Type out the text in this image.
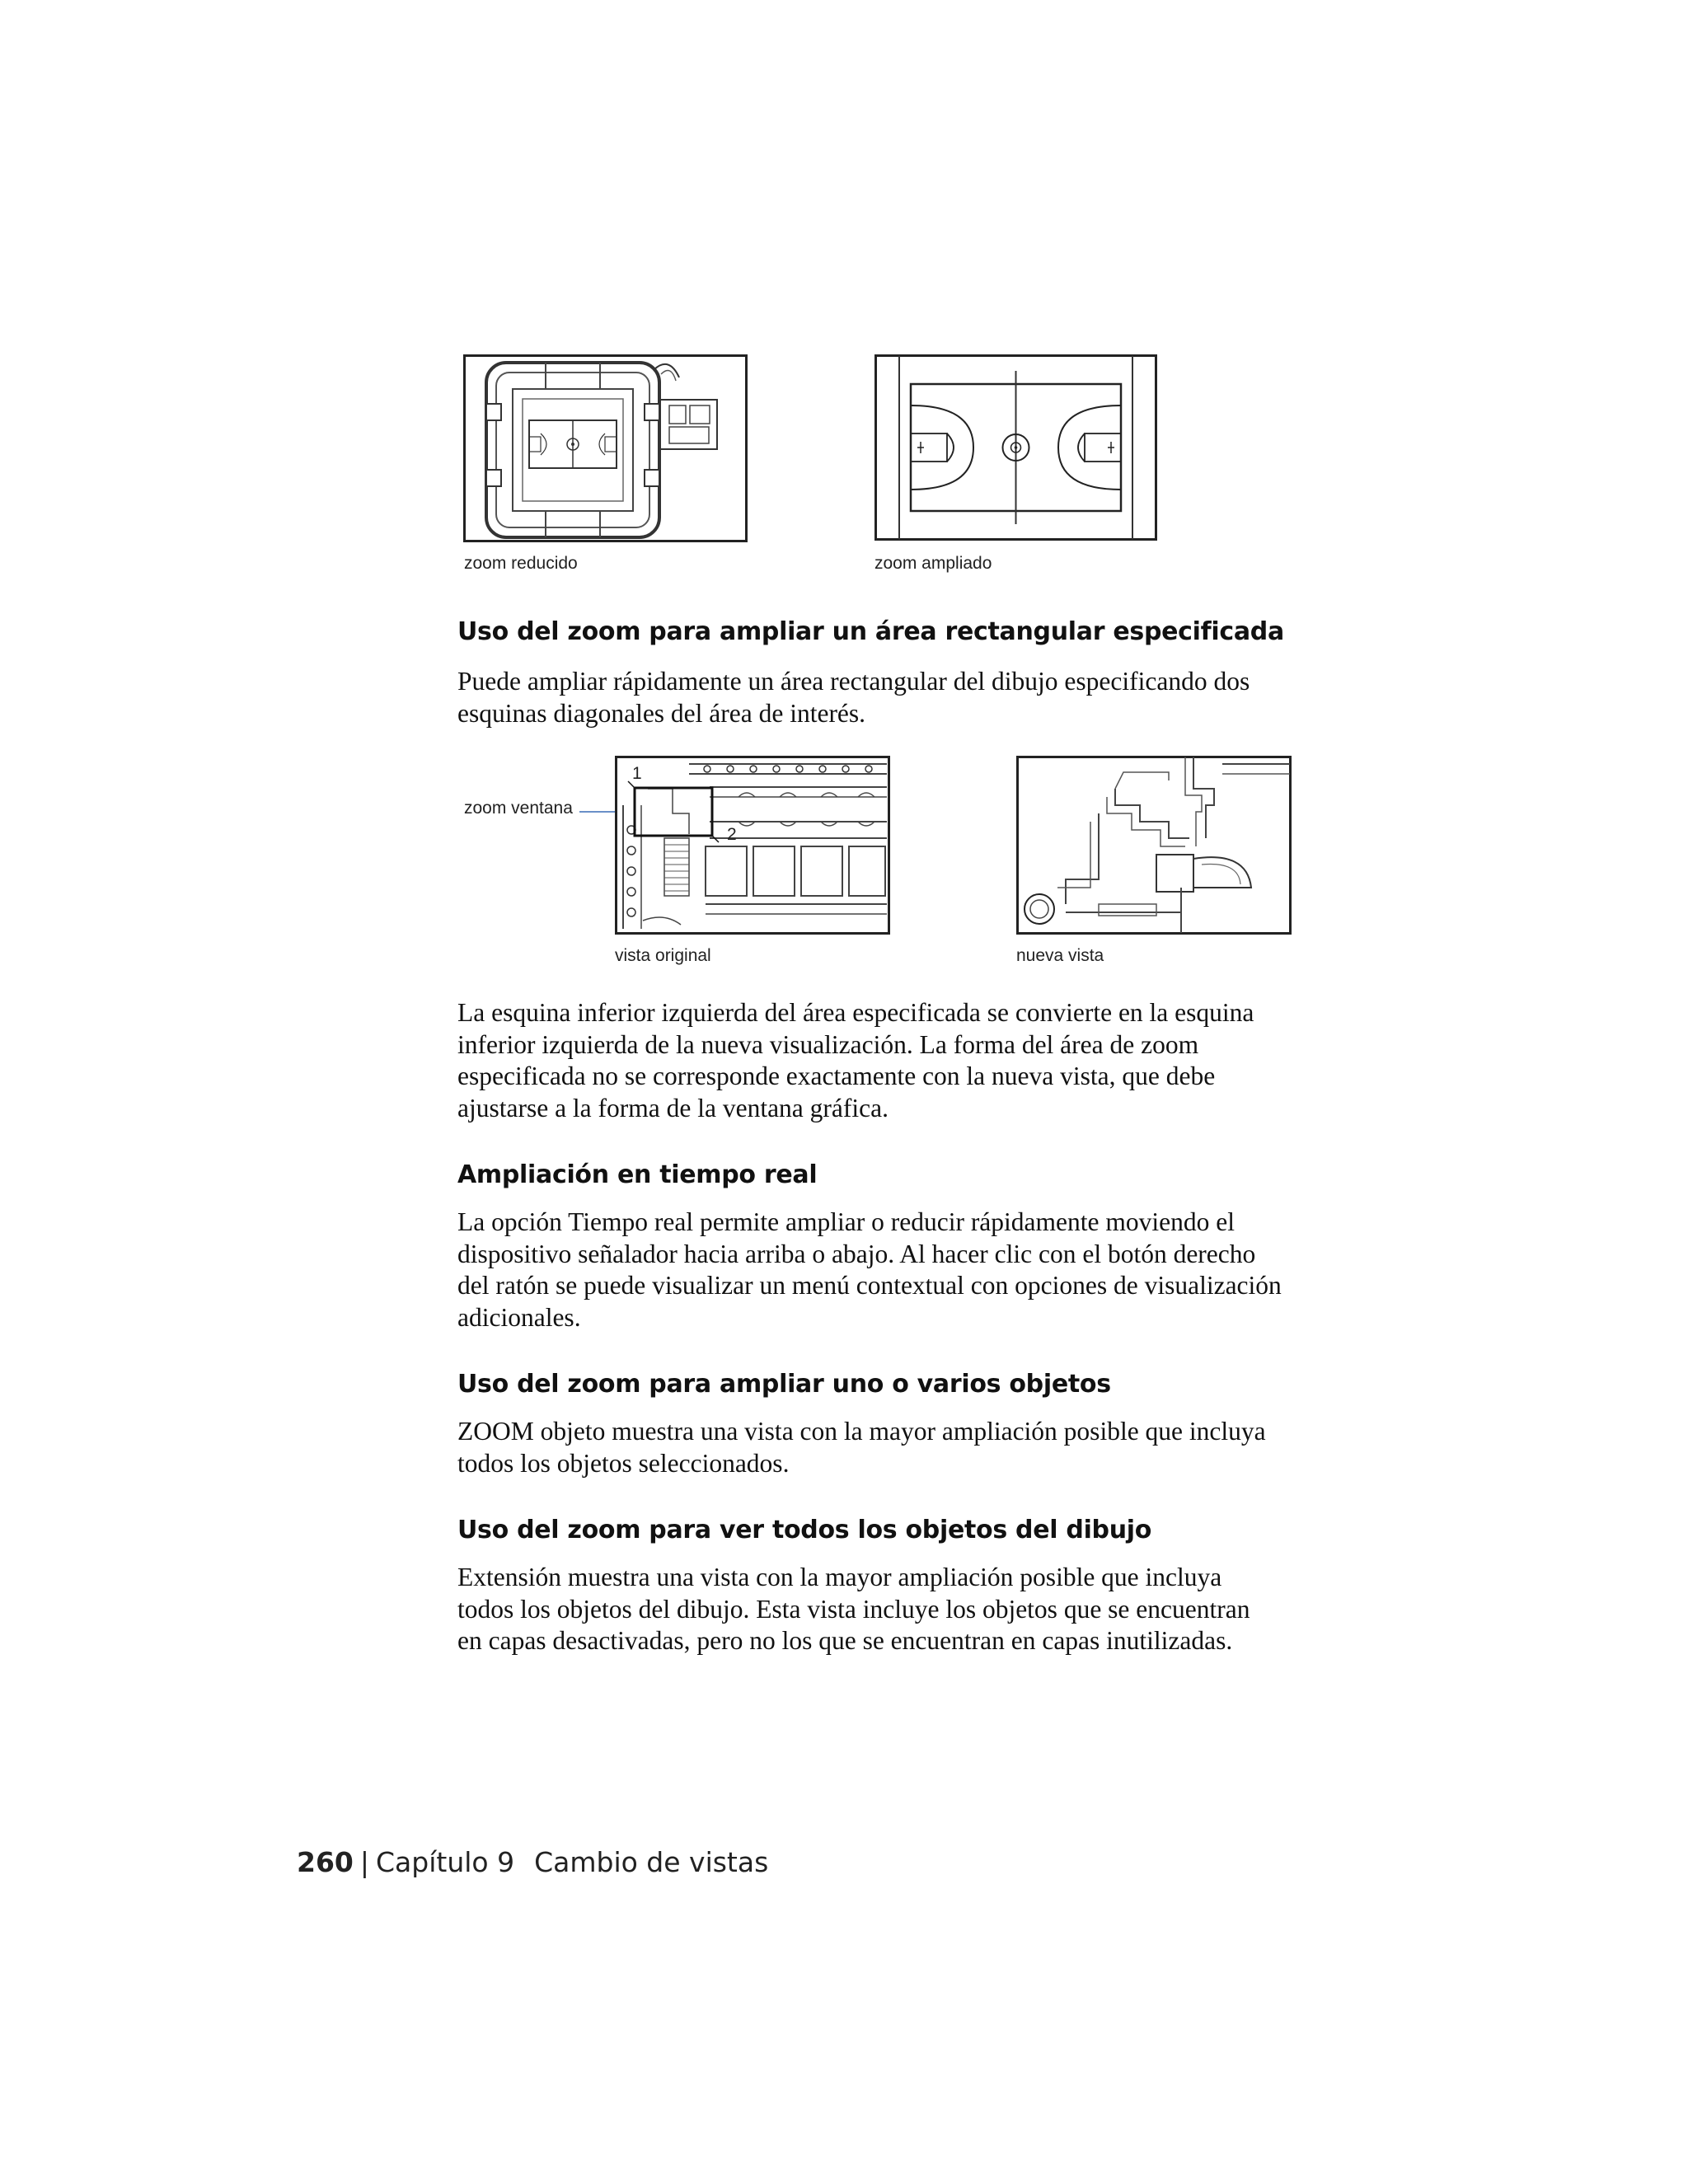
zoom reducido	zoom ampliado
Uso del zoom para ampliar un área rectangular especificada

Puede ampliar rápidamente un área rectangular del dibujo especificando dos
esquinas diagonales del área de interés.

zoom ventana
1
2
vista original	nueva vista

La esquina inferior izquierda del área especificada se convierte en la esquina
inferior izquierda de la nueva visualización. La forma del área de zoom
especificada no se corresponde exactamente con la nueva vista, que debe
ajustarse a la forma de la ventana gráfica.

Ampliación en tiempo real

La opción Tiempo real permite ampliar o reducir rápidamente moviendo el
dispositivo señalador hacia arriba o abajo. Al hacer clic con el botón derecho
del ratón se puede visualizar un menú contextual con opciones de visualización
adicionales.

Uso del zoom para ampliar uno o varios objetos

ZOOM objeto muestra una vista con la mayor ampliación posible que incluya
todos los objetos seleccionados.

Uso del zoom para ver todos los objetos del dibujo

Extensión muestra una vista con la mayor ampliación posible que incluya
todos los objetos del dibujo. Esta vista incluye los objetos que se encuentran
en capas desactivadas, pero no los que se encuentran en capas inutilizadas.

260 | Capítulo 9 Cambio de vistas
